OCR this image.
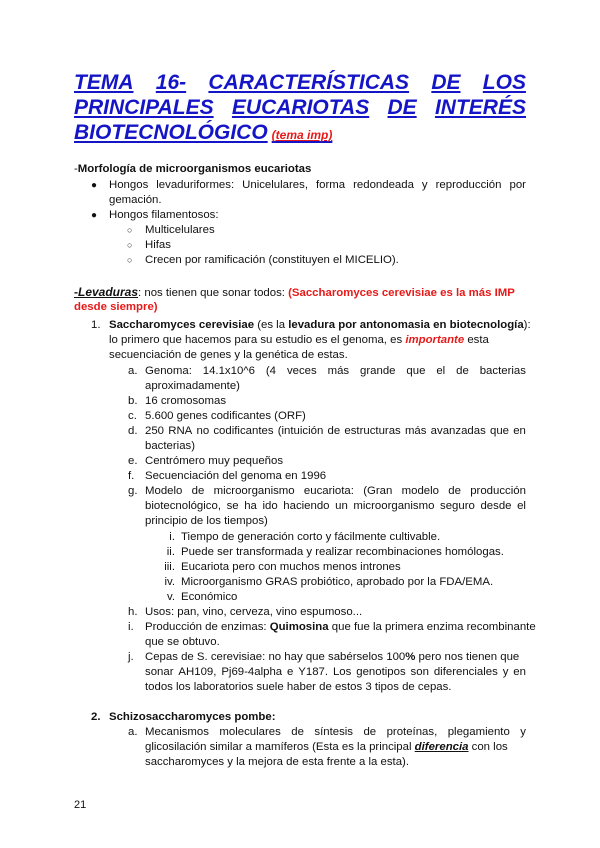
TEMA 16- CARACTERÍSTICAS DE LOS
PRINCIPALES EUCARIOTAS DE INTERÉS
BIOTECNOLÓGICO (tema imp)
-Morfología de microorganismos eucariotas
● Hongos levaduriformes: Unicelulares, forma redondeada y reproducción por
gemación.
● Hongos filamentosos:
○ Multicelulares
○ Hifas
○ Crecen por ramificación (constituyen el MICELIO).
-Levaduras: nos tienen que sonar todos: (Saccharomyces cerevisiae es la más IMP
desde siempre)
1. Saccharomyces cerevisiae (es la levadura por antonomasia en biotecnología):
lo primero que hacemos para su estudio es el genoma, es importante esta
secuenciación de genes y la genética de estas.
a. Genoma: 14.1x10^6 (4 veces más grande que el de bacterias
aproximadamente)
b. 16 cromosomas
c. 5.600 genes codificantes (ORF)
d. 250 RNA no codificantes (intuición de estructuras más avanzadas que en
bacterias)
e. Centrómero muy pequeños
f. Secuenciación del genoma en 1996
g. Modelo de microorganismo eucariota: (Gran modelo de producción
biotecnológico, se ha ido haciendo un microorganismo seguro desde el
principio de los tiempos)
i. Tiempo de generación corto y fácilmente cultivable.
ii. Puede ser transformada y realizar recombinaciones homólogas.
iii. Eucariota pero con muchos menos intrones
iv. Microorganismo GRAS probiótico, aprobado por la FDA/EMA.
v. Económico
h. Usos: pan, vino, cerveza, vino espumoso...
i. Producción de enzimas: Quimosina que fue la primera enzima recombinante
que se obtuvo.
j. Cepas de S. cerevisiae: no hay que sabérselos 100% pero nos tienen que
sonar AH109, Pj69-4alpha e Y187. Los genotipos son diferenciales y en
todos los laboratorios suele haber de estos 3 tipos de cepas.
2. Schizosaccharomyces pombe:
a. Mecanismos moleculares de síntesis de proteínas, plegamiento y
glicosilación similar a mamíferos (Esta es la principal diferencia con los
saccharomyces y la mejora de esta frente a la esta).
21
